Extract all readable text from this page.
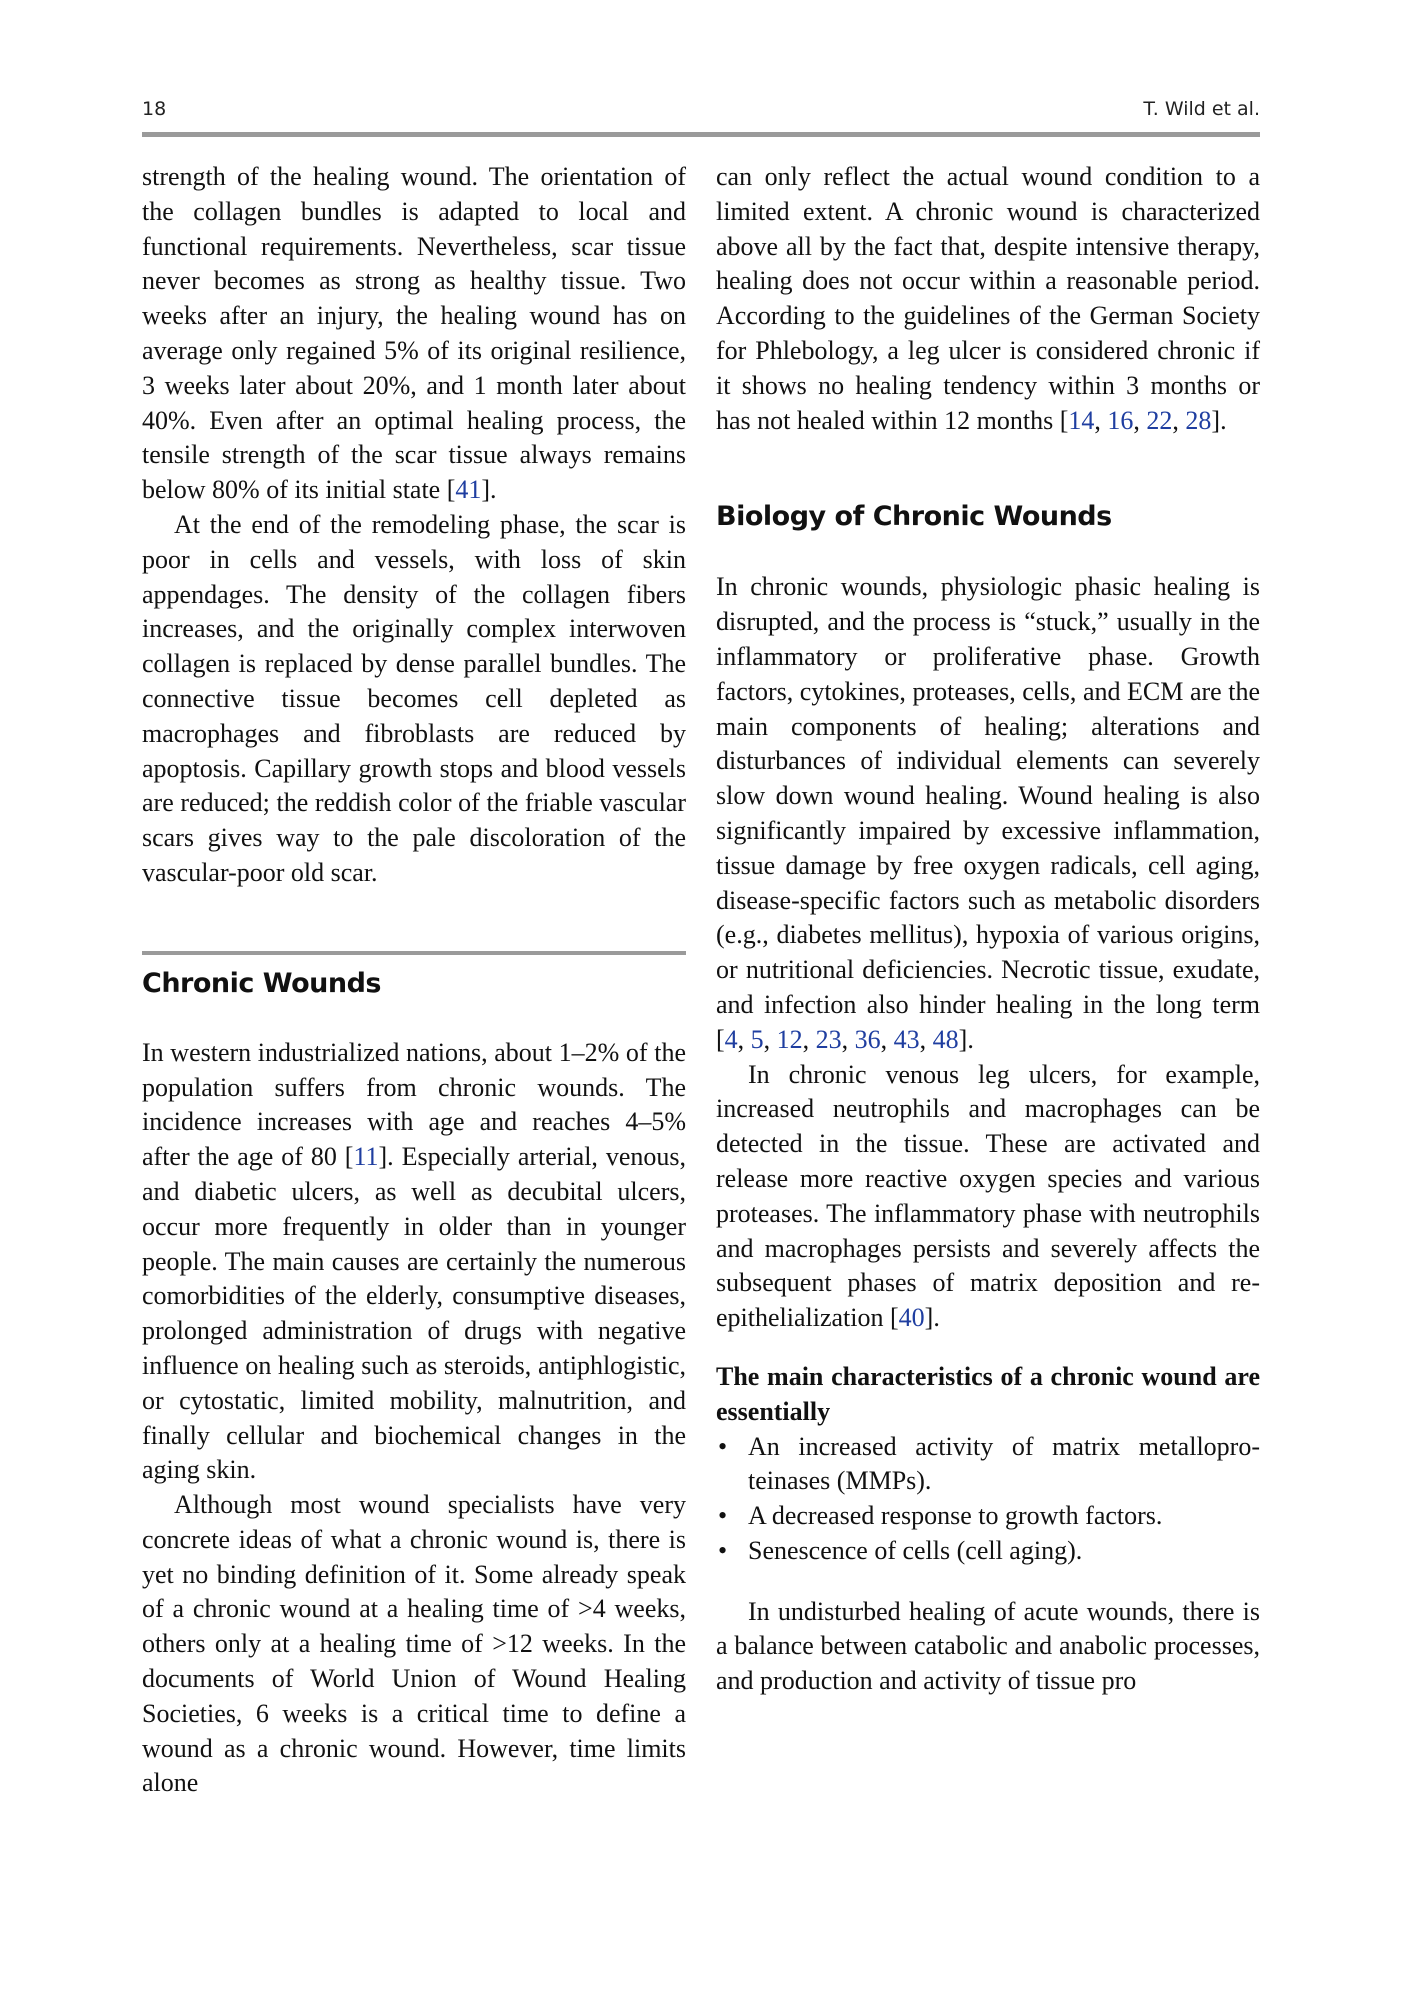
18	T. Wild et al.

strength of the healing wound. The orientation of the collagen bundles is adapted to local and functional requirements. Nevertheless, scar tissue never becomes as strong as healthy tissue. Two weeks after an injury, the healing wound has on average only regained 5% of its original resilience, 3 weeks later about 20%, and 1 month later about 40%. Even after an optimal healing process, the tensile strength of the scar tissue always remains below 80% of its initial state [41].

At the end of the remodeling phase, the scar is poor in cells and vessels, with loss of skin appendages. The density of the collagen fibers increases, and the originally complex interwoven collagen is replaced by dense parallel bundles. The connective tissue becomes cell depleted as macrophages and fibroblasts are reduced by apoptosis. Capillary growth stops and blood vessels are reduced; the reddish color of the friable vascular scars gives way to the pale discoloration of the vascular-poor old scar.

Chronic Wounds

In western industrialized nations, about 1–2% of the population suffers from chronic wounds. The incidence increases with age and reaches 4–5% after the age of 80 [11]. Especially arterial, venous, and diabetic ulcers, as well as decubital ulcers, occur more frequently in older than in younger people. The main causes are certainly the numerous comorbidities of the elderly, consumptive diseases, prolonged administration of drugs with negative influence on healing such as steroids, antiphlogistic, or cytostatic, limited mobility, malnutrition, and finally cellular and biochemical changes in the aging skin.

Although most wound specialists have very concrete ideas of what a chronic wound is, there is yet no binding definition of it. Some already speak of a chronic wound at a healing time of >4 weeks, others only at a healing time of >12 weeks. In the documents of World Union of Wound Healing Societies, 6 weeks is a critical time to define a wound as a chronic wound. However, time limits alone

can only reflect the actual wound condition to a limited extent. A chronic wound is characterized above all by the fact that, despite intensive therapy, healing does not occur within a reasonable period. According to the guidelines of the German Society for Phlebology, a leg ulcer is considered chronic if it shows no healing tendency within 3 months or has not healed within 12 months [14, 16, 22, 28].

Biology of Chronic Wounds

In chronic wounds, physiologic phasic healing is disrupted, and the process is “stuck,” usually in the inflammatory or proliferative phase. Growth factors, cytokines, proteases, cells, and ECM are the main components of healing; alterations and disturbances of individual elements can severely slow down wound healing. Wound healing is also significantly impaired by excessive inflammation, tissue damage by free oxygen radicals, cell aging, disease-specific factors such as metabolic disorders (e.g., diabetes mellitus), hypoxia of various origins, or nutritional deficiencies. Necrotic tissue, exudate, and infection also hinder healing in the long term [4, 5, 12, 23, 36, 43, 48].

In chronic venous leg ulcers, for example, increased neutrophils and macrophages can be detected in the tissue. These are activated and release more reactive oxygen species and various proteases. The inflammatory phase with neutrophils and macrophages persists and severely affects the subsequent phases of matrix deposition and re-epithelialization [40].

The main characteristics of a chronic wound are essentially

• An increased activity of matrix metalloproteinases (MMPs).
• A decreased response to growth factors.
• Senescence of cells (cell aging).

In undisturbed healing of acute wounds, there is a balance between catabolic and anabolic processes, and production and activity of tissue pro
